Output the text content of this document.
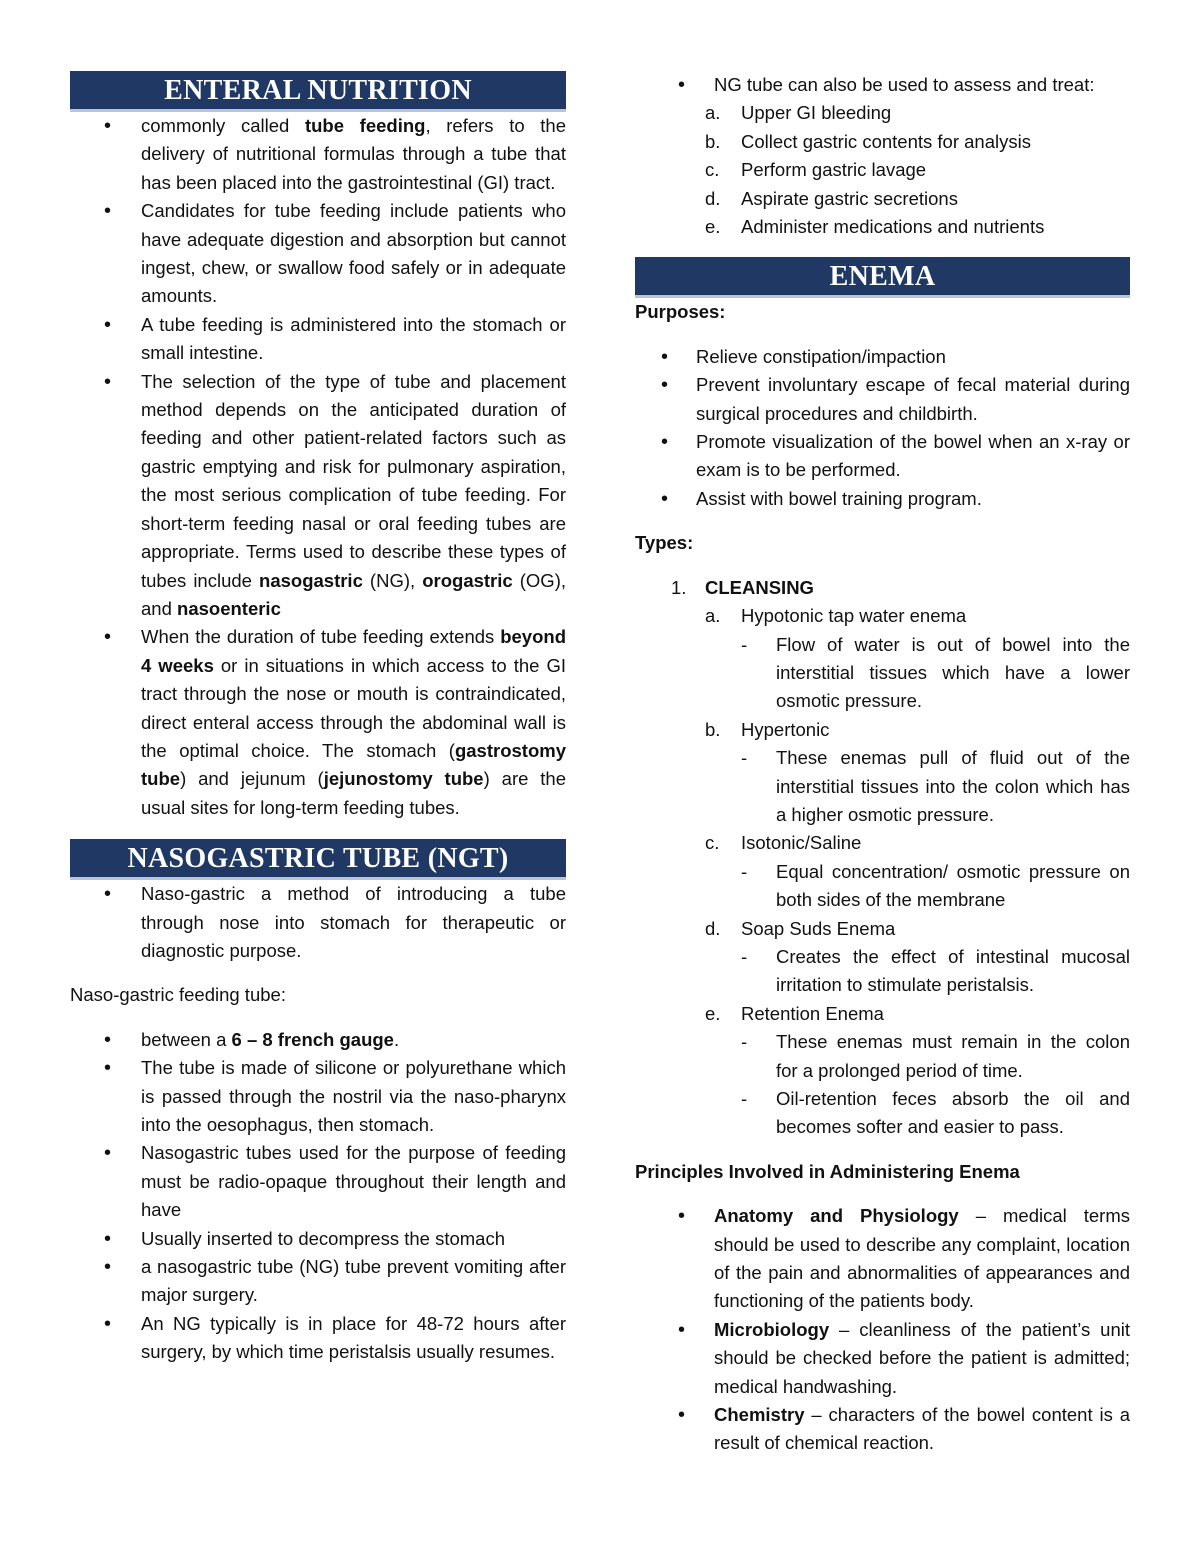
ENTERAL NUTRITION
• commonly called tube feeding, refers to the delivery of nutritional formulas through a tube that has been placed into the gastrointestinal (GI) tract.
• Candidates for tube feeding include patients who have adequate digestion and absorption but cannot ingest, chew, or swallow food safely or in adequate amounts.
• A tube feeding is administered into the stomach or small intestine.
• The selection of the type of tube and placement method depends on the anticipated duration of feeding and other patient-related factors such as gastric emptying and risk for pulmonary aspiration, the most serious complication of tube feeding. For short-term feeding nasal or oral feeding tubes are appropriate. Terms used to describe these types of tubes include nasogastric (NG), orogastric (OG), and nasoenteric
• When the duration of tube feeding extends beyond 4 weeks or in situations in which access to the GI tract through the nose or mouth is contraindicated, direct enteral access through the abdominal wall is the optimal choice. The stomach (gastrostomy tube) and jejunum (jejunostomy tube) are the usual sites for long-term feeding tubes.
NASOGASTRIC TUBE (NGT)
• Naso-gastric a method of introducing a tube through nose into stomach for therapeutic or diagnostic purpose.
Naso-gastric feeding tube:
• between a 6 – 8 french gauge.
• The tube is made of silicone or polyurethane which is passed through the nostril via the naso-pharynx into the oesophagus, then stomach.
• Nasogastric tubes used for the purpose of feeding must be radio-opaque throughout their length and have
• Usually inserted to decompress the stomach
• a nasogastric tube (NG) tube prevent vomiting after major surgery.
• An NG typically is in place for 48-72 hours after surgery, by which time peristalsis usually resumes.
• NG tube can also be used to assess and treat:
a. Upper GI bleeding
b. Collect gastric contents for analysis
c. Perform gastric lavage
d. Aspirate gastric secretions
e. Administer medications and nutrients
ENEMA
Purposes:
• Relieve constipation/impaction
• Prevent involuntary escape of fecal material during surgical procedures and childbirth.
• Promote visualization of the bowel when an x-ray or exam is to be performed.
• Assist with bowel training program.
Types:
1. CLEANSING
a. Hypotonic tap water enema
- Flow of water is out of bowel into the interstitial tissues which have a lower osmotic pressure.
b. Hypertonic
- These enemas pull of fluid out of the interstitial tissues into the colon which has a higher osmotic pressure.
c. Isotonic/Saline
- Equal concentration/ osmotic pressure on both sides of the membrane
d. Soap Suds Enema
- Creates the effect of intestinal mucosal irritation to stimulate peristalsis.
e. Retention Enema
- These enemas must remain in the colon for a prolonged period of time.
- Oil-retention feces absorb the oil and becomes softer and easier to pass.
Principles Involved in Administering Enema
• Anatomy and Physiology – medical terms should be used to describe any complaint, location of the pain and abnormalities of appearances and functioning of the patients body.
• Microbiology – cleanliness of the patient’s unit should be checked before the patient is admitted; medical handwashing.
• Chemistry – characters of the bowel content is a result of chemical reaction.
